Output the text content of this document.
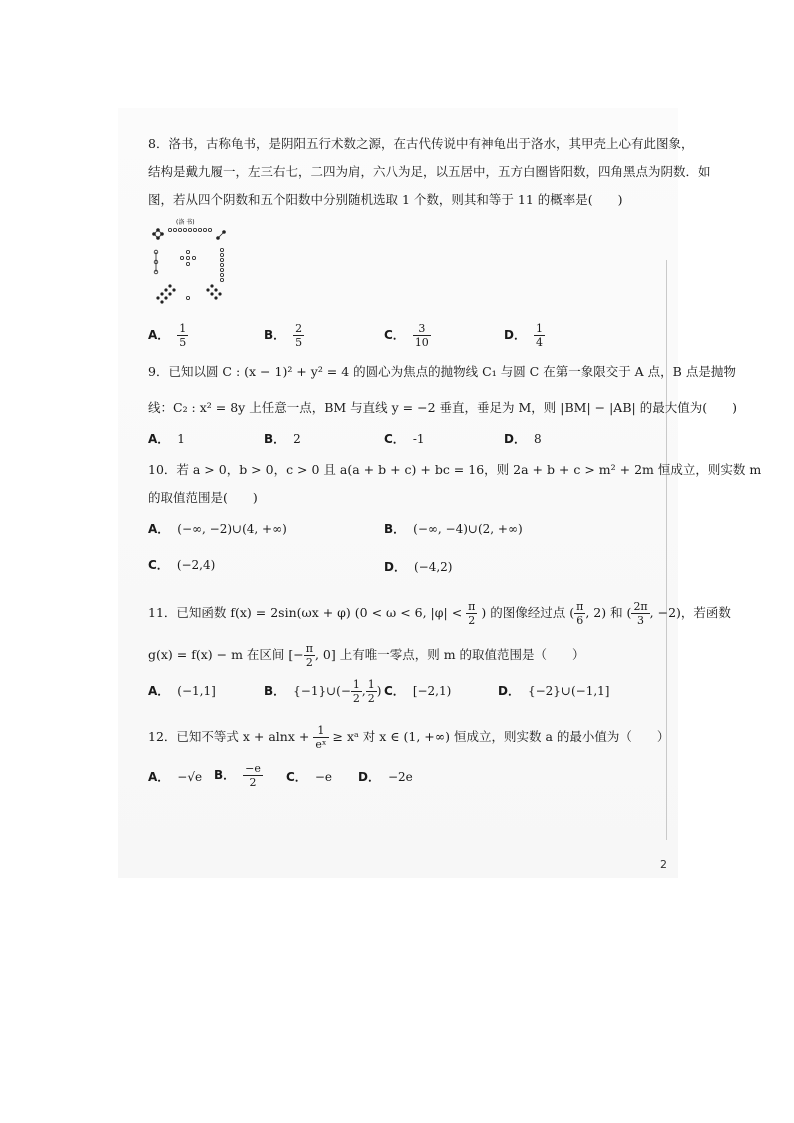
8．洛书，古称龟书，是阴阳五行术数之源，在古代传说中有神龟出于洛水，其甲壳上心有此图象，
结构是戴九履一，左三右七，二四为肩，六八为足，以五居中，五方白圈皆阳数，四角黑点为阴数．如
图，若从四个阴数和五个阳数中分别随机选取 1 个数，则其和等于 11 的概率是(　　)
(洛 书)
A． $\frac{1}{5}$	B． $\frac{2}{5}$	C． $\frac{3}{10}$	D． $\frac{1}{4}$
9．已知以圆 C : (x − 1)² + y² = 4 的圆心为焦点的抛物线 C₁ 与圆 C 在第一象限交于 A 点，B 点是抛物
线：C₂ : x² = 8y 上任意一点，BM 与直线 y = −2 垂直，垂足为 M，则 |BM| − |AB| 的最大值为(　　)
A． 1	B． 2	C． -1	D． 8
10．若 a > 0，b > 0，c > 0 且 a(a + b + c) + bc = 16，则 2a + b + c > m² + 2m 恒成立，则实数 m
的取值范围是(　　)
A． (−∞, −2)∪(4, +∞)	B． (−∞, −4)∪(2, +∞)
C． (−2,4)	D． (−4,2)
11．已知函数 f(x) = 2sin(ωx + φ) (0 < ω < 6, $|\varphi| < \frac{\pi}{2}$ ) 的图像经过点 ( $\frac{\pi}{6}$ , 2) 和 ( $\frac{2\pi}{3}$ , −2)，若函数
g(x) = f(x) − m 在区间 [− $\frac{\pi}{2}$ , 0] 上有唯一零点，则 m 的取值范围是（　　）
A． (−1,1]	B． {−1}∪(− $\frac{1}{2}$ , $\frac{1}{2}$ ) C． [−2,1)	D． {−2}∪(−1,1]
12．已知不等式 $x + alnx + \frac{1}{\text{eˣ}}$ ≥ xᵃ 对 x ∈ (1, +∞) 恒成立，则实数 a 的最小值为（　　）
A． −√e B． $\frac{-e}{2}$ C． −e D． −2e
2
